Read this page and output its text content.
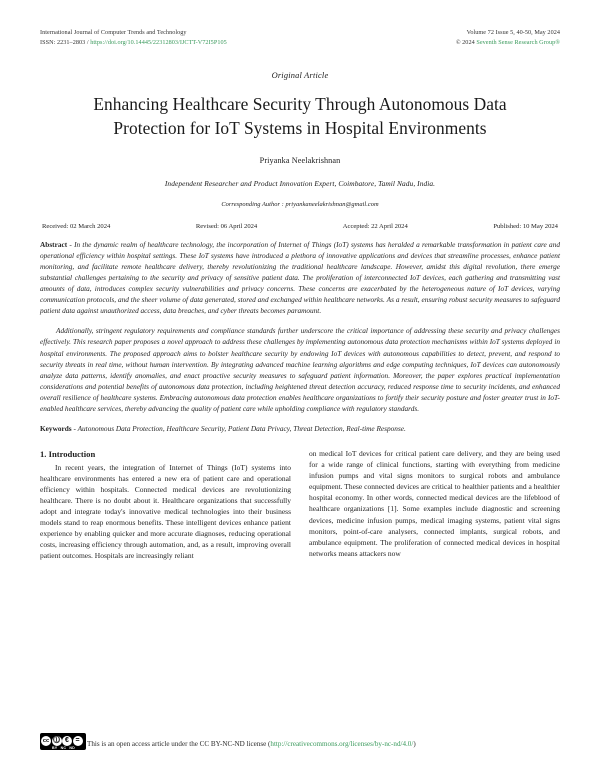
International Journal of Computer Trends and Technology
ISSN: 2231–2803 / https://doi.org/10.14445/22312803/IJCTT-V72I5P105
Volume 72 Issue 5, 40-50, May 2024
© 2024 Seventh Sense Research Group®
Original Article
Enhancing Healthcare Security Through Autonomous Data Protection for IoT Systems in Hospital Environments
Priyanka Neelakrishnan
Independent Researcher and Product Innovation Expert, Coimbatore, Tamil Nadu, India.
Corresponding Author : priyankaneelakrishnan@gmail.com
Received: 02 March 2024	Revised: 06 April 2024	Accepted: 22 April 2024	Published: 10 May 2024

Abstract - In the dynamic realm of healthcare technology, the incorporation of Internet of Things (IoT) systems has heralded a remarkable transformation in patient care and operational efficiency within hospital settings. These IoT systems have introduced a plethora of innovative applications and devices that streamline processes, enhance patient monitoring, and facilitate remote healthcare delivery, thereby revolutionizing the traditional healthcare landscape. However, amidst this digital revolution, there emerge substantial challenges pertaining to the security and privacy of sensitive patient data. The proliferation of interconnected IoT devices, each gathering and transmitting vast amounts of data, introduces complex security vulnerabilities and privacy concerns. These concerns are exacerbated by the heterogeneous nature of IoT devices, varying communication protocols, and the sheer volume of data generated, stored and exchanged within healthcare networks. As a result, ensuring robust security measures to safeguard patient data against unauthorized access, data breaches, and cyber threats becomes paramount.

Additionally, stringent regulatory requirements and compliance standards further underscore the critical importance of addressing these security and privacy challenges effectively. This research paper proposes a novel approach to address these challenges by implementing autonomous data protection mechanisms within IoT systems deployed in hospital environments. The proposed approach aims to bolster healthcare security by endowing IoT devices with autonomous capabilities to detect, prevent, and respond to security threats in real time, without human intervention. By integrating advanced machine learning algorithms and edge computing techniques, IoT devices can autonomously analyze data patterns, identify anomalies, and enact proactive security measures to safeguard patient information. Moreover, the paper explores practical implementation considerations and potential benefits of autonomous data protection, including heightened threat detection accuracy, reduced response time to security incidents, and enhanced overall resilience of healthcare systems. Embracing autonomous data protection enables healthcare organizations to fortify their security posture and foster greater trust in IoT-enabled healthcare services, thereby advancing the quality of patient care while upholding compliance with regulatory standards.

Keywords - Autonomous Data Protection, Healthcare Security, Patient Data Privacy, Threat Detection, Real-time Response.
1. Introduction

In recent years, the integration of Internet of Things (IoT) systems into healthcare environments has entered a new era of patient care and operational efficiency within hospitals. Connected medical devices are revolutionizing healthcare. There is no doubt about it. Healthcare organizations that successfully adopt and integrate today's innovative medical technologies into their business models stand to reap enormous benefits. These intelligent devices enhance patient experience by enabling quicker and more accurate diagnoses, reducing operational costs, increasing efficiency through automation, and, as a result, improving overall patient outcomes. Hospitals are increasingly reliant

on medical IoT devices for critical patient care delivery, and they are being used for a wide range of clinical functions, starting with everything from medicine infusion pumps and vital signs monitors to surgical robots and ambulance equipment. These connected devices are critical to healthier patients and a healthier hospital economy. In other words, connected medical devices are the lifeblood of healthcare organizations [1]. Some examples include diagnostic and screening devices, medicine infusion pumps, medical imaging systems, patient vital signs monitors, point-of-care analysers, connected implants, surgical robots, and ambulance equipment. The proliferation of connected medical devices in hospital networks means attackers now

cc ⓵ € =
BY NC ND This is an open access article under the CC BY-NC-ND license (http://creativecommons.org/licenses/by-nc-nd/4.0/)
